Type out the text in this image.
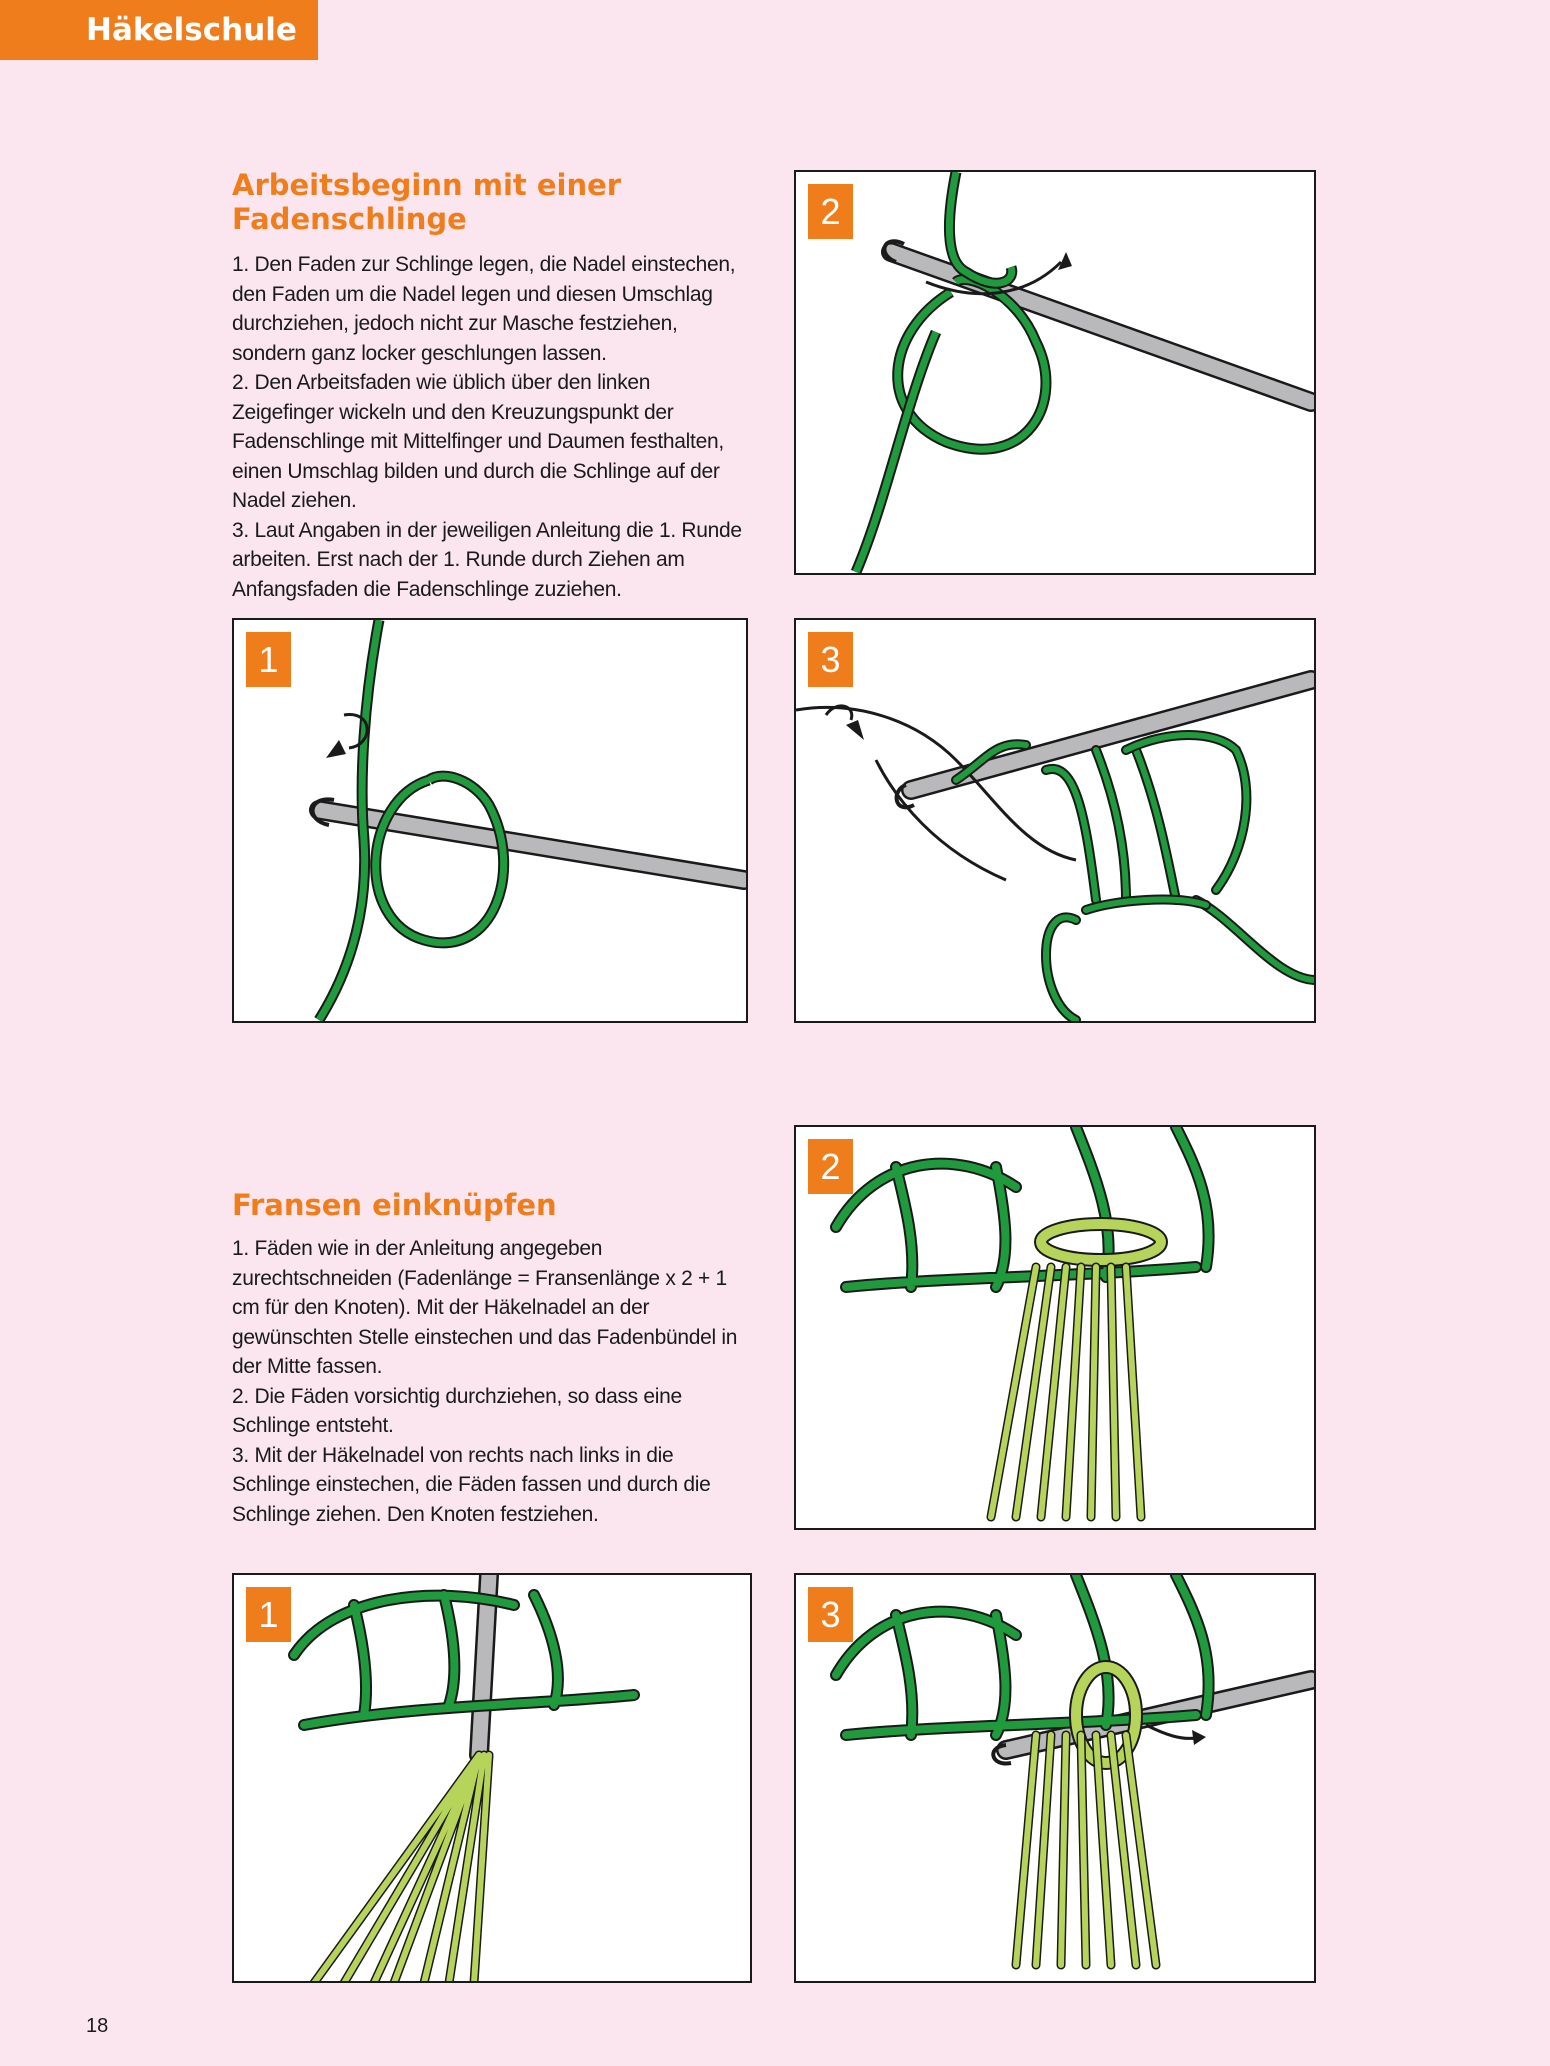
Häkelschule
Arbeitsbeginn mit einer Fadenschlinge

1. Den Faden zur Schlinge legen, die Nadel einstechen, den Faden um die Nadel legen und diesen Umschlag durchziehen, jedoch nicht zur Masche festziehen, sondern ganz locker geschlungen lassen.

2. Den Arbeitsfaden wie üblich über den linken Zeigefinger wickeln und den Kreuzungspunkt der Fadenschlinge mit Mittelfinger und Daumen festhalten, einen Umschlag bilden und durch die Schlinge auf der Nadel ziehen.

3. Laut Angaben in der jeweiligen Anleitung die 1. Runde arbeiten. Erst nach der 1. Runde durch Ziehen am Anfangsfaden die Fadenschlinge zuziehen.

2
1	3
Fransen einknüpfen

1. Fäden wie in der Anleitung angegeben zurechtschneiden (Fadenlänge = Fransenlänge x 2 + 1 cm für den Knoten). Mit der Häkelnadel an der gewünschten Stelle einstechen und das Fadenbündel in der Mitte fassen.

2. Die Fäden vorsichtig durchziehen, so dass eine Schlinge entsteht.

3. Mit der Häkelnadel von rechts nach links in die Schlinge einstechen, die Fäden fassen und durch die Schlinge ziehen. Den Knoten festziehen.

2
1	3
18
